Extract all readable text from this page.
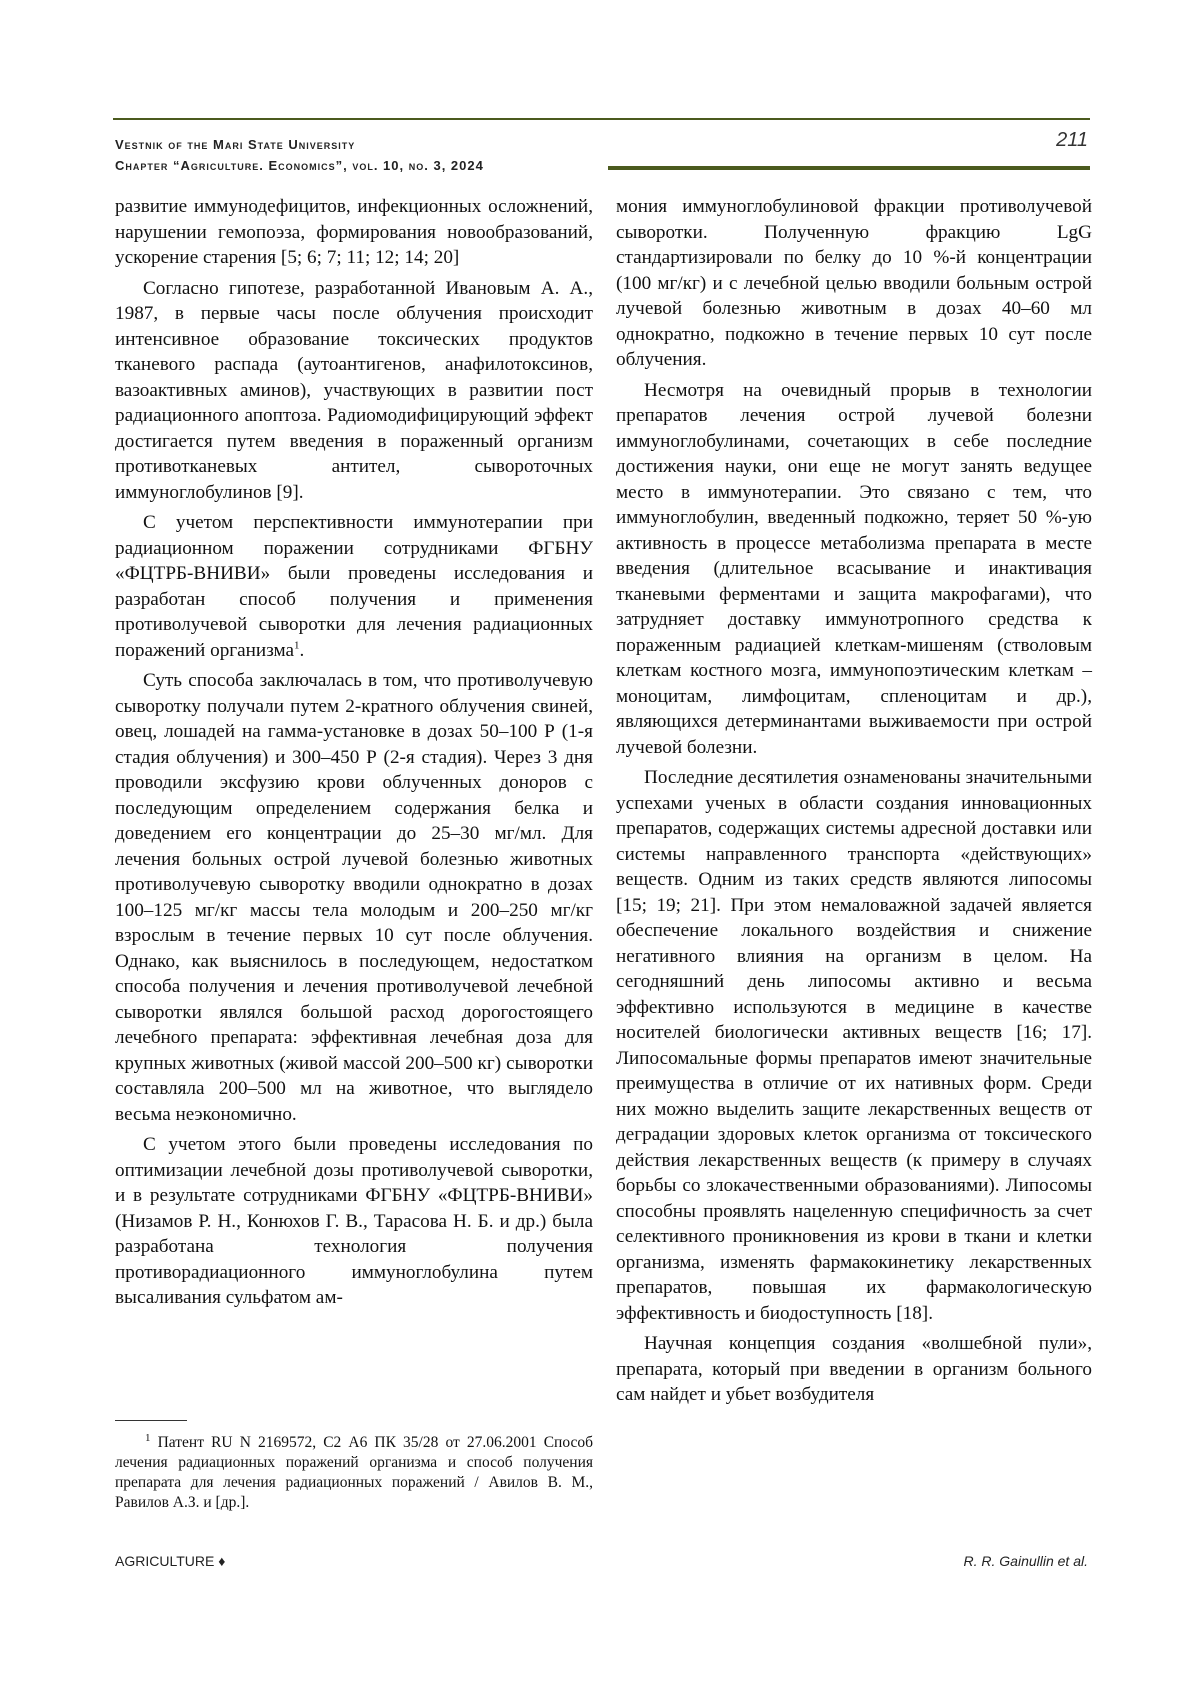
Vestnik of the Mari State University
Chapter “Agriculture. Economics”, vol. 10, no. 3, 2024
211

развитие иммунодефицитов, инфекционных осложнений, нарушении гемопоэза, формирования новообразований, ускорение старения [5; 6; 7; 11; 12; 14; 20]

Согласно гипотезе, разработанной Ивановым А. А., 1987, в первые часы после облучения происходит интенсивное образование токсических продуктов тканевого распада (аутоантигенов, анафилотоксинов, вазоактивных аминов), участвующих в развитии пост радиационного апоптоза. Радиомодифицирующий эффект достигается путем введения в пораженный организм противотканевых антител, сывороточных иммуноглобулинов [9].

С учетом перспективности иммунотерапии при радиационном поражении сотрудниками ФГБНУ «ФЦТРБ-ВНИВИ» были проведены исследования и разработан способ получения и применения противолучевой сыворотки для лечения радиационных поражений организма$^1$.

Суть способа заключалась в том, что противолучевую сыворотку получали путем 2-кратного облучения свиней, овец, лошадей на гамма-установке в дозах 50–100 Р (1-я стадия облучения) и 300–450 Р (2-я стадия). Через 3 дня проводили эксфузию крови облученных доноров с последующим определением содержания белка и доведением его концентрации до 25–30 мг/мл. Для лечения больных острой лучевой болезнью животных противолучевую сыворотку вводили однократно в дозах 100–125 мг/кг массы тела молодым и 200–250 мг/кг взрослым в течение первых 10 сут после облучения. Однако, как выяснилось в последующем, недостатком способа получения и лечения противолучевой лечебной сыворотки являлся большой расход дорогостоящего лечебного препарата: эффективная лечебная доза для крупных животных (живой массой 200–500 кг) сыворотки составляла 200–500 мл на животное, что выглядело весьма неэкономично.

С учетом этого были проведены исследования по оптимизации лечебной дозы противолучевой сыворотки, и в результате сотрудниками ФГБНУ «ФЦТРБ-ВНИВИ» (Низамов Р. Н., Конюхов Г. В., Тарасова Н. Б. и др.) была разработана технология получения противорадиационного иммуноглобулина путем высаливания сульфатом ам-

$^1$ Патент RU N 2169572, С2 А6 ПК 35/28 от 27.06.2001 Способ лечения радиационных поражений организма и способ получения препарата для лечения радиационных поражений / Авилов В. М., Равилов А.З. и [др.].

мония иммуноглобулиновой фракции противолучевой сыворотки. Полученную фракцию LgG стандартизировали по белку до 10 %-й концентрации (100 мг/кг) и с лечебной целью вводили больным острой лучевой болезнью животным в дозах 40–60 мл однократно, подкожно в течение первых 10 сут после облучения.

Несмотря на очевидный прорыв в технологии препаратов лечения острой лучевой болезни иммуноглобулинами, сочетающих в себе последние достижения науки, они еще не могут занять ведущее место в иммунотерапии. Это связано с тем, что иммуноглобулин, введенный подкожно, теряет 50 %-ую активность в процессе метаболизма препарата в месте введения (длительное всасывание и инактивация тканевыми ферментами и защита макрофагами), что затрудняет доставку иммунотропного средства к пораженным радиацией клеткам-мишеням (стволовым клеткам костного мозга, иммунопоэтическим клеткам – моноцитам, лимфоцитам, спленоцитам и др.), являющихся детерминантами выживаемости при острой лучевой болезни.

Последние десятилетия ознаменованы значительными успехами ученых в области создания инновационных препаратов, содержащих системы адресной доставки или системы направленного транспорта «действующих» веществ. Одним из таких средств являются липосомы [15; 19; 21]. При этом немаловажной задачей является обеспечение локального воздействия и снижение негативного влияния на организм в целом. На сегодняшний день липосомы активно и весьма эффективно используются в медицине в качестве носителей биологически активных веществ [16; 17]. Липосомальные формы препаратов имеют значительные преимущества в отличие от их нативных форм. Среди них можно выделить защите лекарственных веществ от деградации здоровых клеток организма от токсического действия лекарственных веществ (к примеру в случаях борьбы со злокачественными образованиями). Липосомы способны проявлять нацеленную специфичность за счет селективного проникновения из крови в ткани и клетки организма, изменять фармакокинетику лекарственных препаратов, повышая их фармакологическую эффективность и биодоступность [18].

Научная концепция создания «волшебной пули», препарата, который при введении в организм больного сам найдет и убьет возбудителя

AGRICULTURE ♦	R. R. Gainullin et al.
